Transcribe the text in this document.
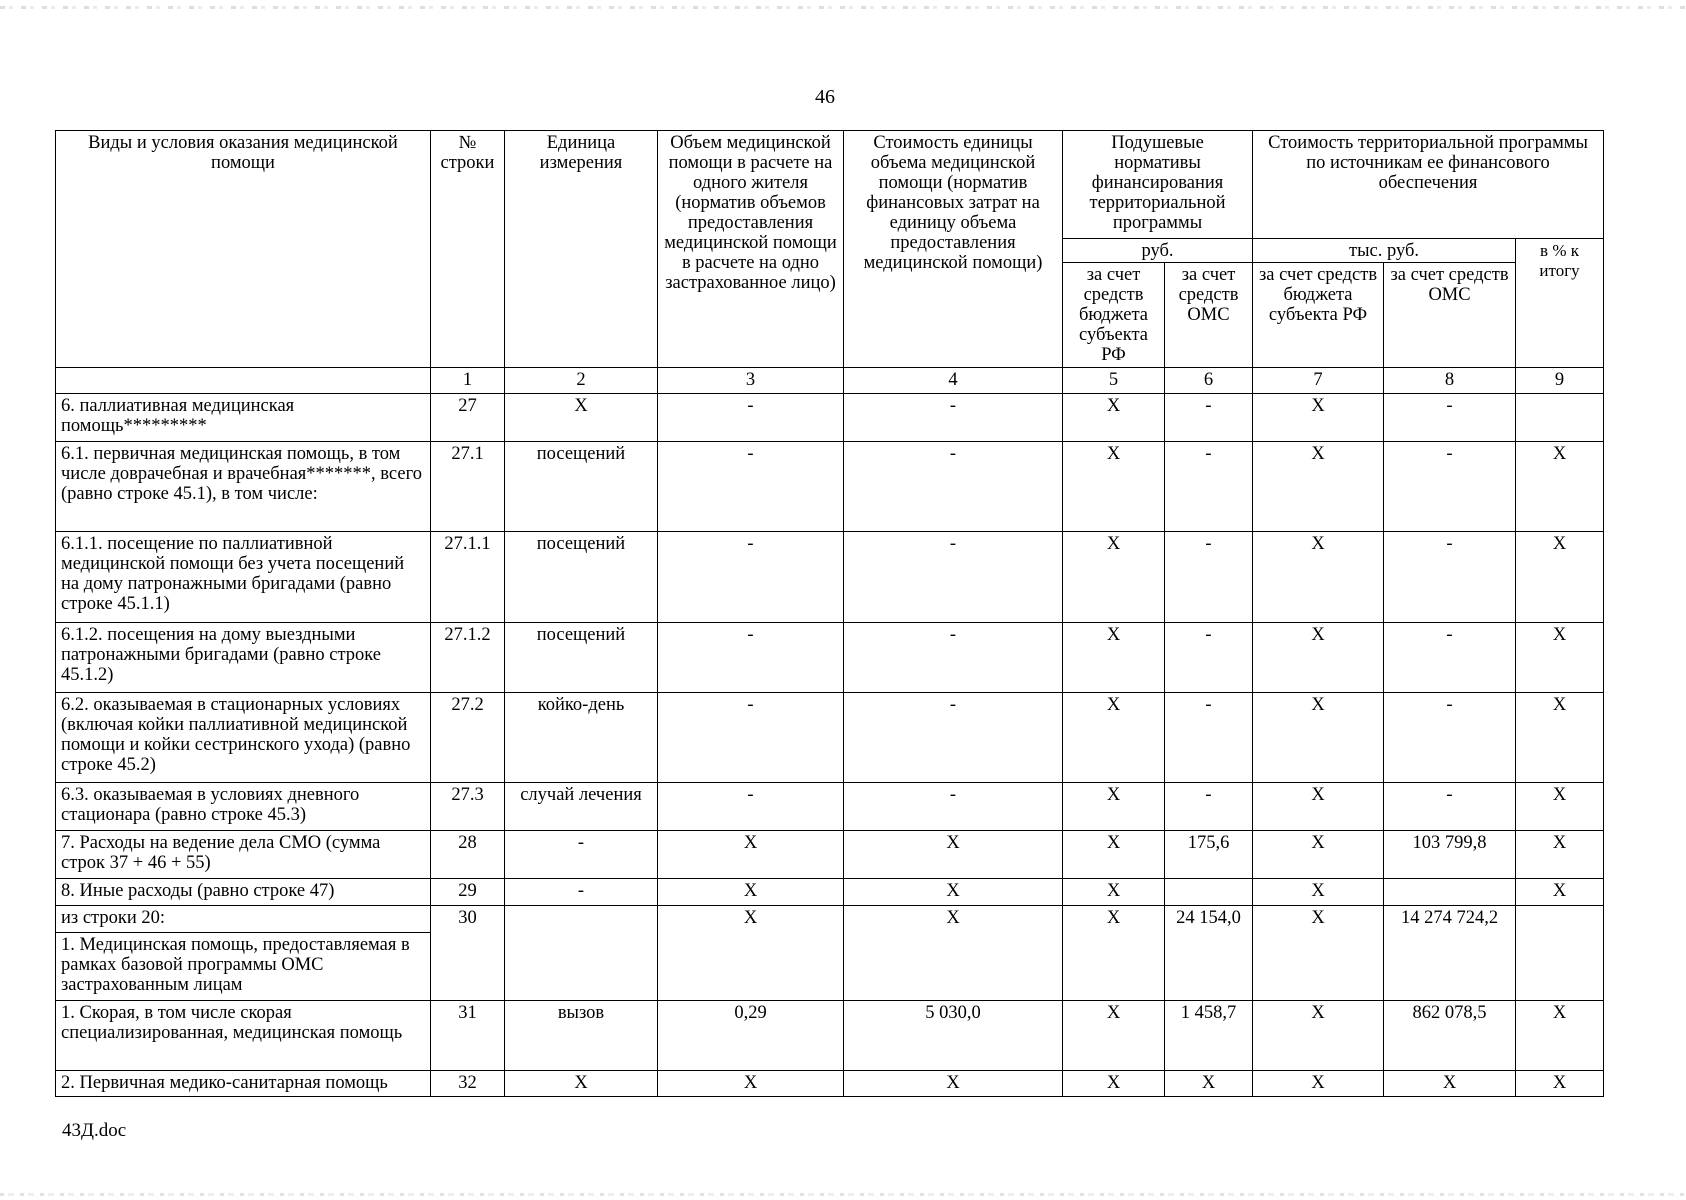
46
Виды и условия оказания медицинской помощи	№ строки	Единица измерения	Объем медицинской помощи в расчете на одного жителя (норматив объемов предоставления медицинской помощи в расчете на одно застрахованное лицо)	Стоимость единицы объема медицинской помощи (норматив финансовых затрат на единицу объема предоставления медицинской помощи)	Подушевые нормативы финансирования территориальной программы		Стоимость территориальной программы по источникам ее финансового обеспечения		
					руб.		тыс. руб.		в % к итогу
					за счет средств бюджета субъекта РФ	за счет средств ОМС	за счет средств бюджета субъекта РФ	за счет средств ОМС	
	1	2	3	4	5	6	7	8	9
6. паллиативная медицинская помощь*********	27	X	-	-	X	-	X	-	
6.1. первичная медицинская помощь, в том числе доврачебная и врачебная*******, всего (равно строке 45.1), в том числе:	27.1	посещений	-	-	X	-	X	-	X
6.1.1. посещение по паллиативной медицинской помощи без учета посещений на дому патронажными бригадами (равно строке 45.1.1)	27.1.1	посещений	-	-	X	-	X	-	X
6.1.2. посещения на дому выездными патронажными бригадами (равно строке 45.1.2)	27.1.2	посещений	-	-	X	-	X	-	X
6.2. оказываемая в стационарных условиях (включая койки паллиативной медицинской помощи и койки сестринского ухода) (равно строке 45.2)	27.2	койко-день	-	-	X	-	X	-	X
6.3. оказываемая в условиях дневного стационара (равно строке 45.3)	27.3	случай лечения	-	-	X	-	X	-	X
7. Расходы на ведение дела СМО (сумма строк 37 + 46 + 55)	28	-	X	X	X	175,6	X	103 799,8	X
8. Иные расходы (равно строке 47)	29	-	X	X	X		X		X
из строки 20:	30		X	X	X	24 154,0	X	14 274 724,2	
1. Медицинская помощь, предоставляемая в рамках базовой программы ОМС застрахованным лицам									
1. Скорая, в том числе скорая специализированная, медицинская помощь	31	вызов	0,29	5 030,0	X	1 458,7	X	862 078,5	X
2. Первичная медико-санитарная помощь	32	X	X	X	X	X	X	X	X
43Д.doc
